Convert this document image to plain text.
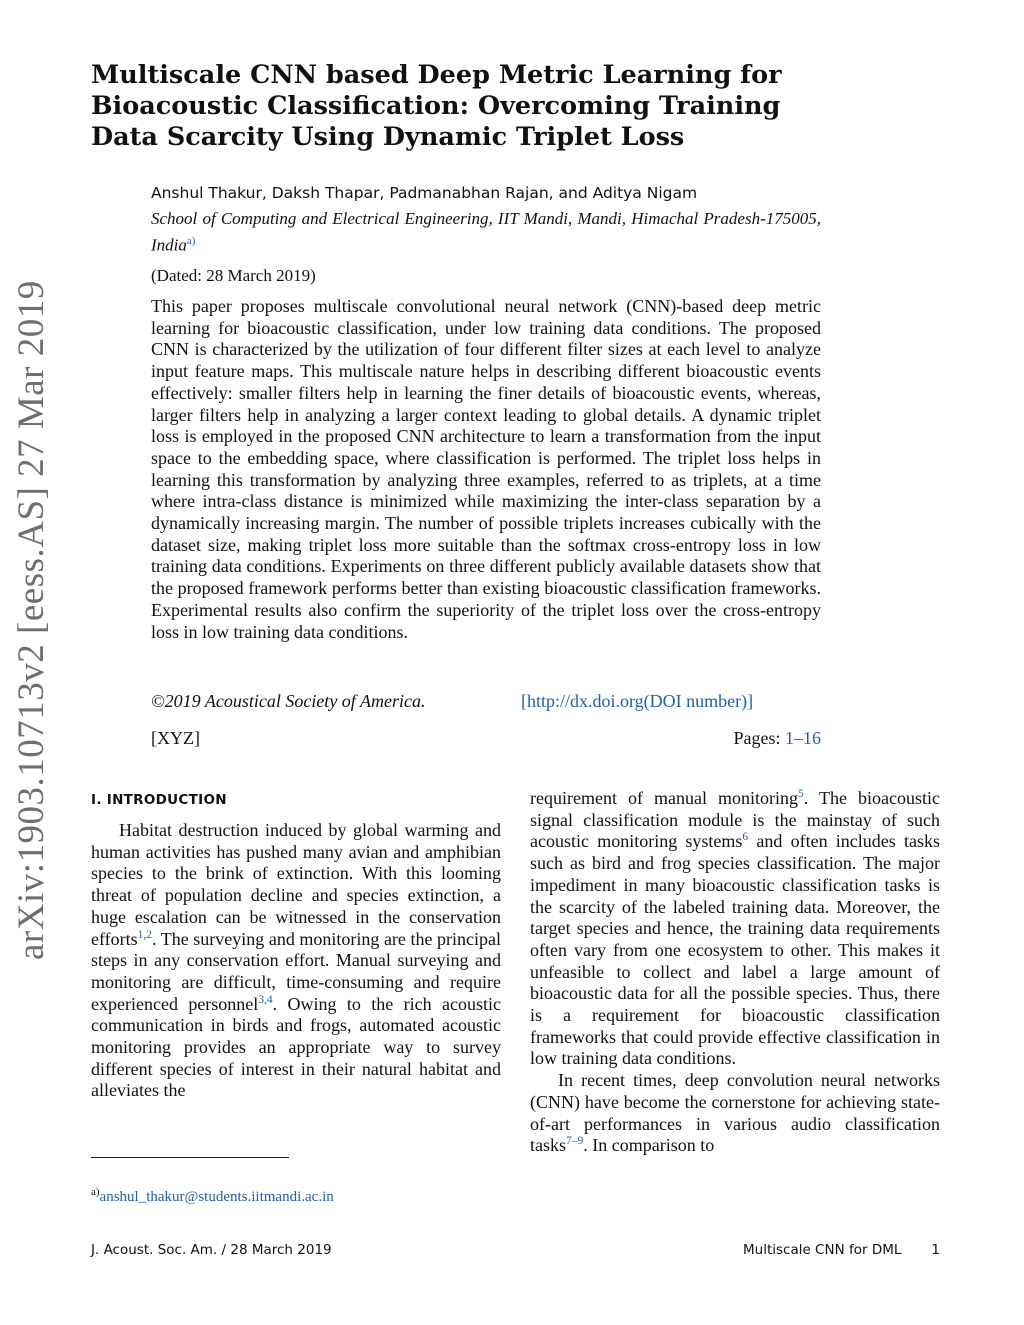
arXiv:1903.10713v2 [eess.AS] 27 Mar 2019
Multiscale CNN based Deep Metric Learning for Bioacoustic Classification: Overcoming Training Data Scarcity Using Dynamic Triplet Loss
Anshul Thakur, Daksh Thapar, Padmanabhan Rajan, and Aditya Nigam
School of Computing and Electrical Engineering, IIT Mandi, Mandi, Himachal Pradesh-175005, India$^{a)}$
(Dated: 28 March 2019)

This paper proposes multiscale convolutional neural network (CNN)-based deep metric learning for bioacoustic classification, under low training data conditions. The proposed CNN is characterized by the utilization of four different filter sizes at each level to analyze input feature maps. This multiscale nature helps in describing different bioacoustic events effectively: smaller filters help in learning the finer details of bioacoustic events, whereas, larger filters help in analyzing a larger context leading to global details. A dynamic triplet loss is employed in the proposed CNN architecture to learn a transformation from the input space to the embedding space, where classification is performed. The triplet loss helps in learning this transformation by analyzing three examples, referred to as triplets, at a time where intra-class distance is minimized while maximizing the inter-class separation by a dynamically increasing margin. The number of possible triplets increases cubically with the dataset size, making triplet loss more suitable than the softmax cross-entropy loss in low training data conditions. Experiments on three different publicly available datasets show that the proposed framework performs better than existing bioacoustic classification frameworks. Experimental results also confirm the superiority of the triplet loss over the cross-entropy loss in low training data conditions.

©2019 Acoustical Society of America.	[http://dx.doi.org(DOI number)]
[XYZ]	Pages: 1–16
I. INTRODUCTION

Habitat destruction induced by global warming and human activities has pushed many avian and amphibian species to the brink of extinction. With this looming threat of population decline and species extinction, a huge escalation can be witnessed in the conservation efforts$^{1,2}$. The surveying and monitoring are the principal steps in any conservation effort. Manual surveying and monitoring are difficult, time-consuming and require experienced personnel$^{3,4}$. Owing to the rich acoustic communication in birds and frogs, automated acoustic monitoring provides an appropriate way to survey different species of interest in their natural habitat and alleviates the

requirement of manual monitoring$^5$. The bioacoustic signal classification module is the mainstay of such acoustic monitoring systems$^6$ and often includes tasks such as bird and frog species classification. The major impediment in many bioacoustic classification tasks is the scarcity of the labeled training data. Moreover, the target species and hence, the training data requirements often vary from one ecosystem to other. This makes it unfeasible to collect and label a large amount of bioacoustic data for all the possible species. Thus, there is a requirement for bioacoustic classification frameworks that could provide effective classification in low training data conditions.

In recent times, deep convolution neural networks (CNN) have become the cornerstone for achieving state-of-art performances in various audio classification tasks$^{7-9}$. In comparison to

$^{a)}$anshul_thakur@students.iitmandi.ac.in
J. Acoust. Soc. Am. / 28 March 2019	Multiscale CNN for DML 1
